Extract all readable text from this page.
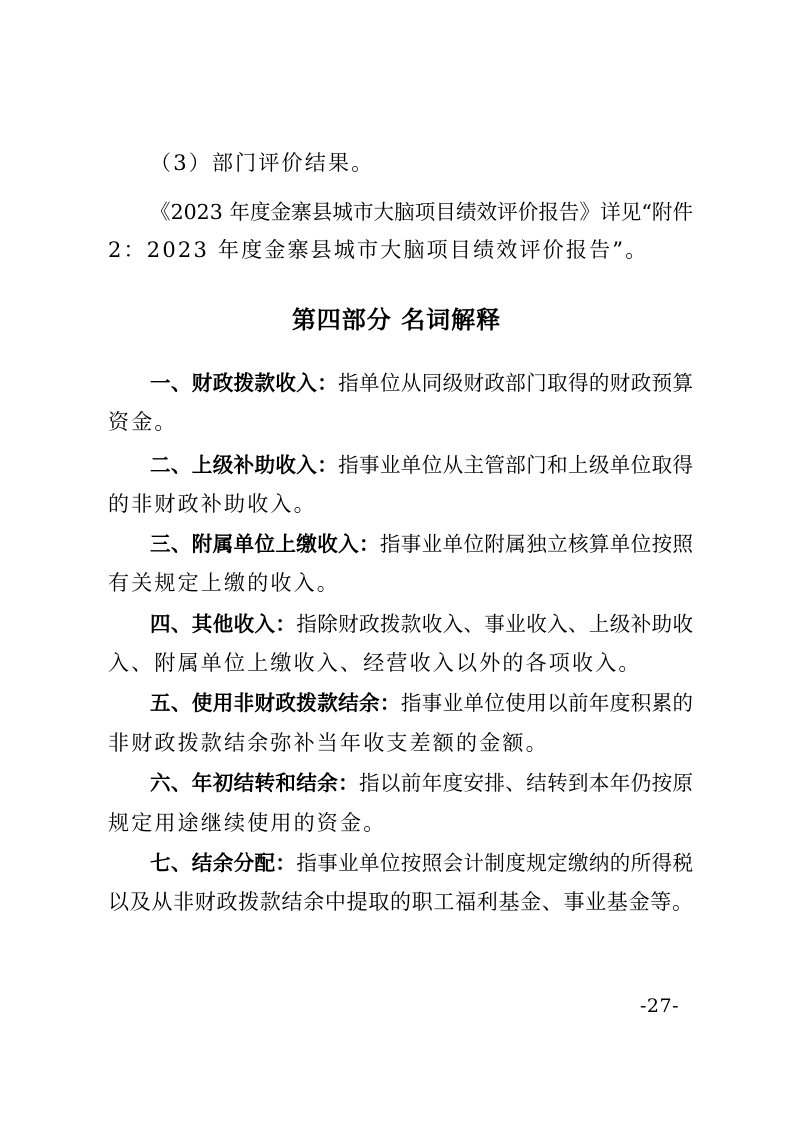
（3）部门评价结果。
《2023 年度金寨县城市大脑项目绩效评价报告》详见“附件
2：2023 年度金寨县城市大脑项目绩效评价报告”。
第四部分 名词解释
一、财政拨款收入：指单位从同级财政部门取得的财政预算
资金。
二、上级补助收入：指事业单位从主管部门和上级单位取得
的非财政补助收入。
三、附属单位上缴收入：指事业单位附属独立核算单位按照
有关规定上缴的收入。
四、其他收入：指除财政拨款收入、事业收入、上级补助收
入、附属单位上缴收入、经营收入以外的各项收入。
五、使用非财政拨款结余：指事业单位使用以前年度积累的
非财政拨款结余弥补当年收支差额的金额。
六、年初结转和结余：指以前年度安排、结转到本年仍按原
规定用途继续使用的资金。
七、结余分配：指事业单位按照会计制度规定缴纳的所得税
以及从非财政拨款结余中提取的职工福利基金、事业基金等。
-27-
